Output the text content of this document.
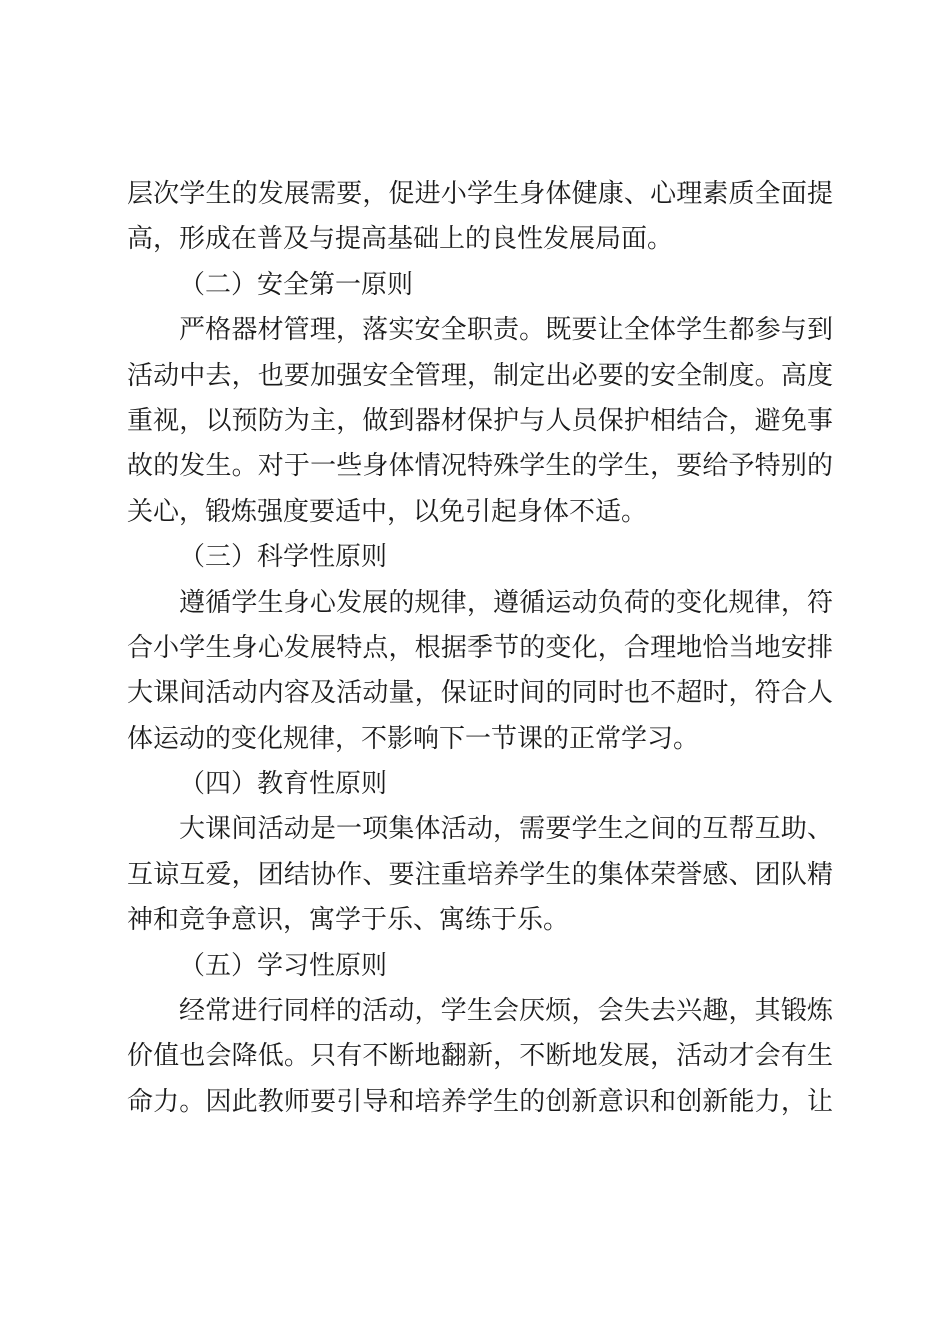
层次学生的发展需要，促进小学生身体健康、心理素质全面提
高，形成在普及与提高基础上的良性发展局面。
（二）安全第一原则
严格器材管理，落实安全职责。既要让全体学生都参与到
活动中去，也要加强安全管理，制定出必要的安全制度。高度
重视，以预防为主，做到器材保护与人员保护相结合，避免事
故的发生。对于一些身体情况特殊学生的学生，要给予特别的
关心，锻炼强度要适中，以免引起身体不适。
（三）科学性原则
遵循学生身心发展的规律，遵循运动负荷的变化规律，符
合小学生身心发展特点，根据季节的变化，合理地恰当地安排
大课间活动内容及活动量，保证时间的同时也不超时，符合人
体运动的变化规律，不影响下一节课的正常学习。
（四）教育性原则
大课间活动是一项集体活动，需要学生之间的互帮互助、
互谅互爱，团结协作、要注重培养学生的集体荣誉感、团队精
神和竞争意识，寓学于乐、寓练于乐。
（五）学习性原则
经常进行同样的活动，学生会厌烦，会失去兴趣，其锻炼
价值也会降低。只有不断地翻新，不断地发展，活动才会有生
命力。因此教师要引导和培养学生的创新意识和创新能力，让
